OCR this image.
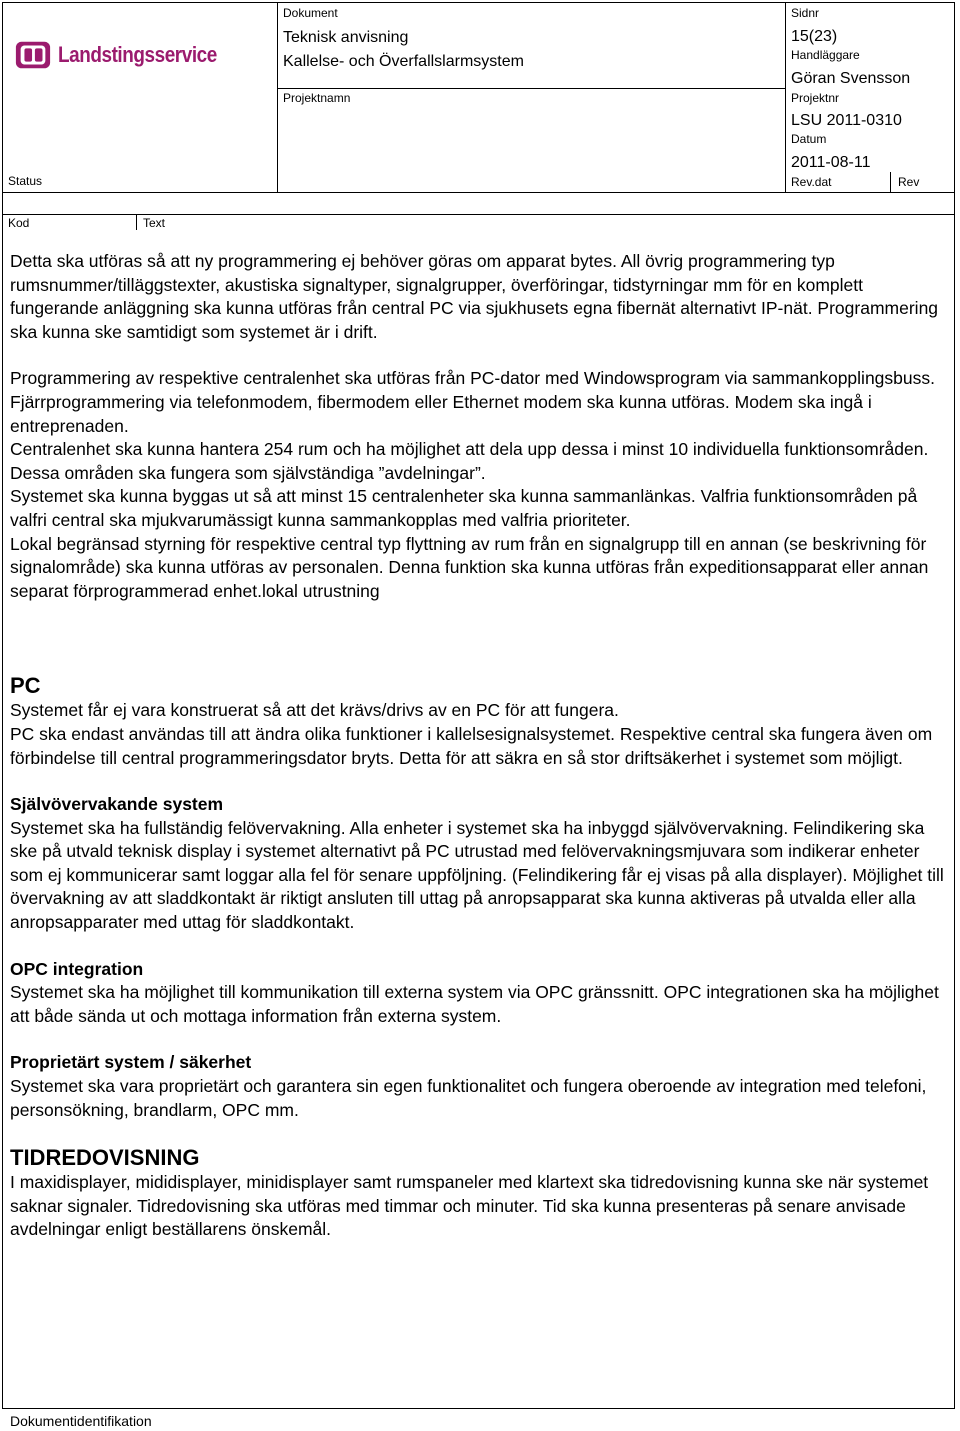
Landstingsservice
Status
Dokument
Teknisk anvisning
Kallelse- och Överfallslarmsystem
Projektnamn
Sidnr
15(23)
Handläggare
Göran Svensson
Projektnr
LSU 2011-0310
Datum
2011-08-11
Rev.dat	Rev
Kod	Text

Detta ska utföras så att ny programmering ej behöver göras om apparat bytes. All övrig programmering typ rumsnummer/tilläggstexter, akustiska signaltyper, signalgrupper, överföringar, tidstyrningar mm för en komplett fungerande anläggning ska kunna utföras från central PC via sjukhusets egna fibernät alternativt IP-nät. Programmering ska kunna ske samtidigt som systemet är i drift.

Programmering av respektive centralenhet ska utföras från PC-dator med Windowsprogram via sammankopplingsbuss. Fjärrprogrammering via telefonmodem, fibermodem eller Ethernet modem ska kunna utföras. Modem ska ingå i entreprenaden.

Centralenhet ska kunna hantera 254 rum och ha möjlighet att dela upp dessa i minst 10 individuella funktionsområden. Dessa områden ska fungera som självständiga ”avdelningar”.

Systemet ska kunna byggas ut så att minst 15 centralenheter ska kunna sammanlänkas. Valfria funktionsområden på valfri central ska mjukvarumässigt kunna sammankopplas med valfria prioriteter.

Lokal begränsad styrning för respektive central typ flyttning av rum från en signalgrupp till en annan (se beskrivning för signalområde) ska kunna utföras av personalen. Denna funktion ska kunna utföras från expeditionsapparat eller annan separat förprogrammerad enhet.lokal utrustning

PC

Systemet får ej vara konstruerat så att det krävs/drivs av en PC för att fungera.

PC ska endast användas till att ändra olika funktioner i kallelsesignalsystemet. Respektive central ska fungera även om förbindelse till central programmeringsdator bryts. Detta för att säkra en så stor driftsäkerhet i systemet som möjligt.

Självövervakande system

Systemet ska ha fullständig felövervakning. Alla enheter i systemet ska ha inbyggd självövervakning. Felindikering ska ske på utvald teknisk display i systemet alternativt på PC utrustad med felövervakningsmjuvara som indikerar enheter som ej kommunicerar samt loggar alla fel för senare uppföljning. (Felindikering får ej visas på alla displayer). Möjlighet till övervakning av att sladdkontakt är riktigt ansluten till uttag på anropsapparat ska kunna aktiveras på utvalda eller alla anropsapparater med uttag för sladdkontakt.

OPC integration

Systemet ska ha möjlighet till kommunikation till externa system via OPC gränssnitt. OPC integrationen ska ha möjlighet att både sända ut och mottaga information från externa system.

Proprietärt system / säkerhet

Systemet ska vara proprietärt och garantera sin egen funktionalitet och fungera oberoende av integration med telefoni, personsökning, brandlarm, OPC mm.

TIDREDOVISNING

I maxidisplayer, mididisplayer, minidisplayer samt rumspaneler med klartext ska tidredovisning kunna ske när systemet saknar signaler. Tidredovisning ska utföras med timmar och minuter. Tid ska kunna presenteras på senare anvisade avdelningar enligt beställarens önskemål.

Dokumentidentifikation
